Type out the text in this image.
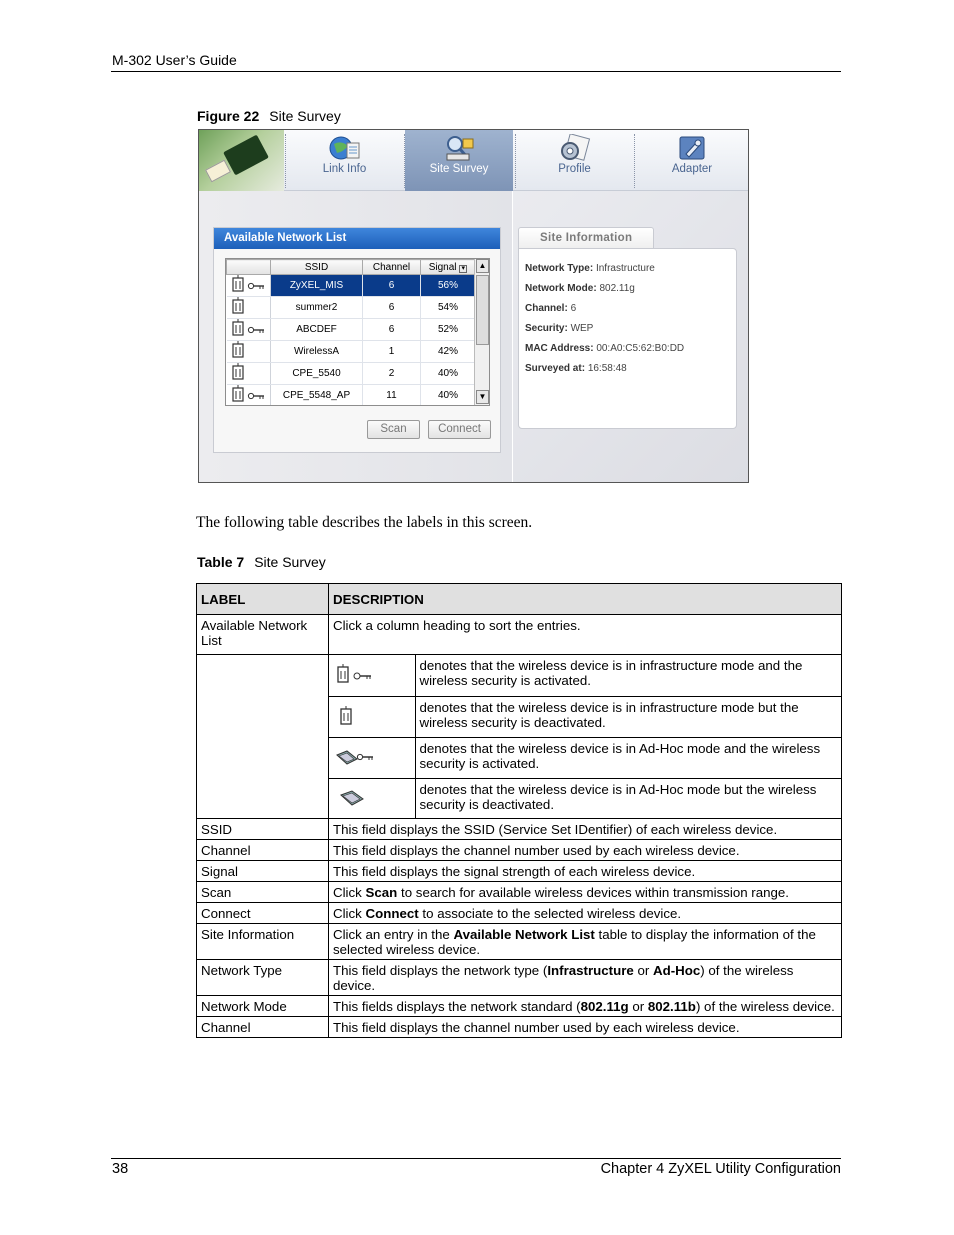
M-302 User’s Guide
Figure 22 Site Survey
Link Info	Site Survey	Profile	Adapter
Available Network List
	SSID	Channel	Signal ▾
	ZyXEL_MIS	6	56%
	summer2	6	54%
	ABCDEF	6	52%
	WirelessA	1	42%
	CPE_5540	2	40%
	CPE_5548_AP	11	40%
▲
▼
Scan	Connect
Site Information
Network Type: Infrastructure
Network Mode: 802.11g
Channel: 6
Security: WEP
MAC Address: 00:A0:C5:62:B0:DD
Surveyed at: 16:58:48
The following table describes the labels in this screen.
Table 7 Site Survey
LABEL	DESCRIPTION
Available Network List	Click a column heading to sort the entries.

	denotes that the wireless device is in infrastructure mode and the wireless security is activated.
	denotes that the wireless device is in infrastructure mode but the wireless security is deactivated.
	denotes that the wireless device is in Ad-Hoc mode and the wireless security is activated.
	denotes that the wireless device is in Ad-Hoc mode but the wireless security is deactivated.

SSID	This field displays the SSID (Service Set IDentifier) of each wireless device.
Channel	This field displays the channel number used by each wireless device.
Signal	This field displays the signal strength of each wireless device.
Scan	Click Scan to search for available wireless devices within transmission range.
Connect	Click Connect to associate to the selected wireless device.
Site Information	Click an entry in the Available Network List table to display the information of the selected wireless device.
Network Type	This field displays the network type (Infrastructure or Ad-Hoc) of the wireless device.
Network Mode	This fields displays the network standard (802.11g or 802.11b) of the wireless device.
Channel	This field displays the channel number used by each wireless device.
38	Chapter 4 ZyXEL Utility Configuration
